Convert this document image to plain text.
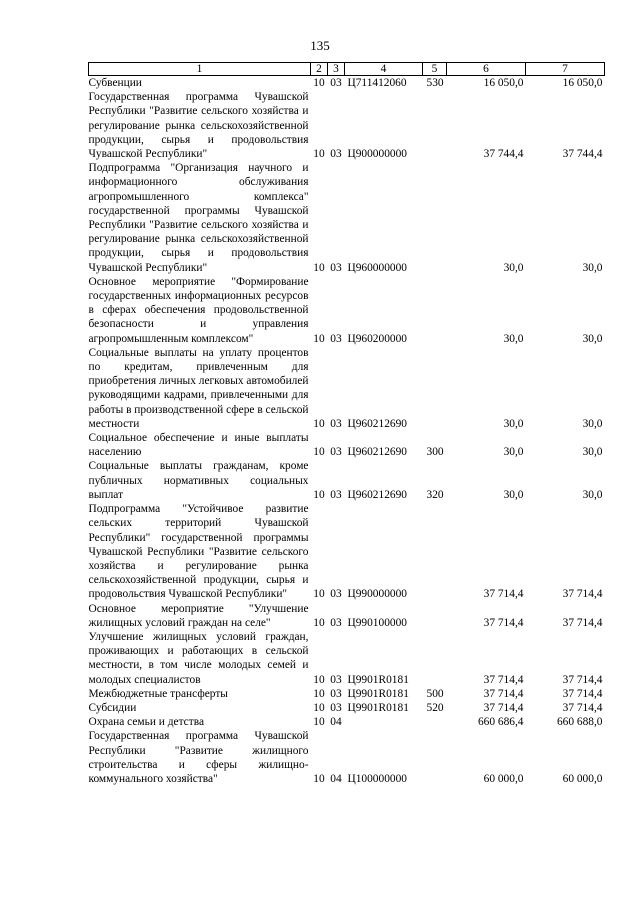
135
1	2	3	4	5	6	7
Субвенции	10	03	Ц711412060	530	16 050,0	16 050,0
Государственная программа Чувашской Республики "Развитие сельского хозяйства и регулирование рынка сельскохозяйственной продукции, сырья и продовольствия Чувашской Республики"	10	03	Ц900000000		37 744,4	37 744,4
Подпрограмма "Организация научного и информационного обслуживания агропромышленного комплекса" государственной программы Чувашской Республики "Развитие сельского хозяйства и регулирование рынка сельскохозяйственной продукции, сырья и продовольствия Чувашской Республики"	10	03	Ц960000000		30,0	30,0
Основное мероприятие "Формирование государственных информационных ресурсов в сферах обеспечения продовольственной безопасности и управления агропромышленным комплексом"	10	03	Ц960200000		30,0	30,0
Социальные выплаты на уплату процентов по кредитам, привлеченным для приобретения личных легковых автомобилей руководящими кадрами, привлеченными для работы в производственной сфере в сельской местности	10	03	Ц960212690		30,0	30,0
Социальное обеспечение и иные выплаты населению	10	03	Ц960212690	300	30,0	30,0
Социальные выплаты гражданам, кроме публичных нормативных социальных выплат	10	03	Ц960212690	320	30,0	30,0
Подпрограмма "Устойчивое развитие сельских территорий Чувашской Республики" государственной программы Чувашской Республики "Развитие сельского хозяйства и регулирование рынка сельскохозяйственной продукции, сырья и продовольствия Чувашской Республики"	10	03	Ц990000000		37 714,4	37 714,4
Основное мероприятие "Улучшение жилищных условий граждан на селе"	10	03	Ц990100000		37 714,4	37 714,4
Улучшение жилищных условий граждан, проживающих и работающих в сельской местности, в том числе молодых семей и молодых специалистов	10	03	Ц9901R0181		37 714,4	37 714,4
Межбюджетные трансферты	10	03	Ц9901R0181	500	37 714,4	37 714,4
Субсидии	10	03	Ц9901R0181	520	37 714,4	37 714,4
Охрана семьи и детства	10	04			660 686,4	660 688,0
Государственная программа Чувашской Республики "Развитие жилищного строительства и сферы жилищно-коммунального хозяйства"	10	04	Ц100000000		60 000,0	60 000,0
